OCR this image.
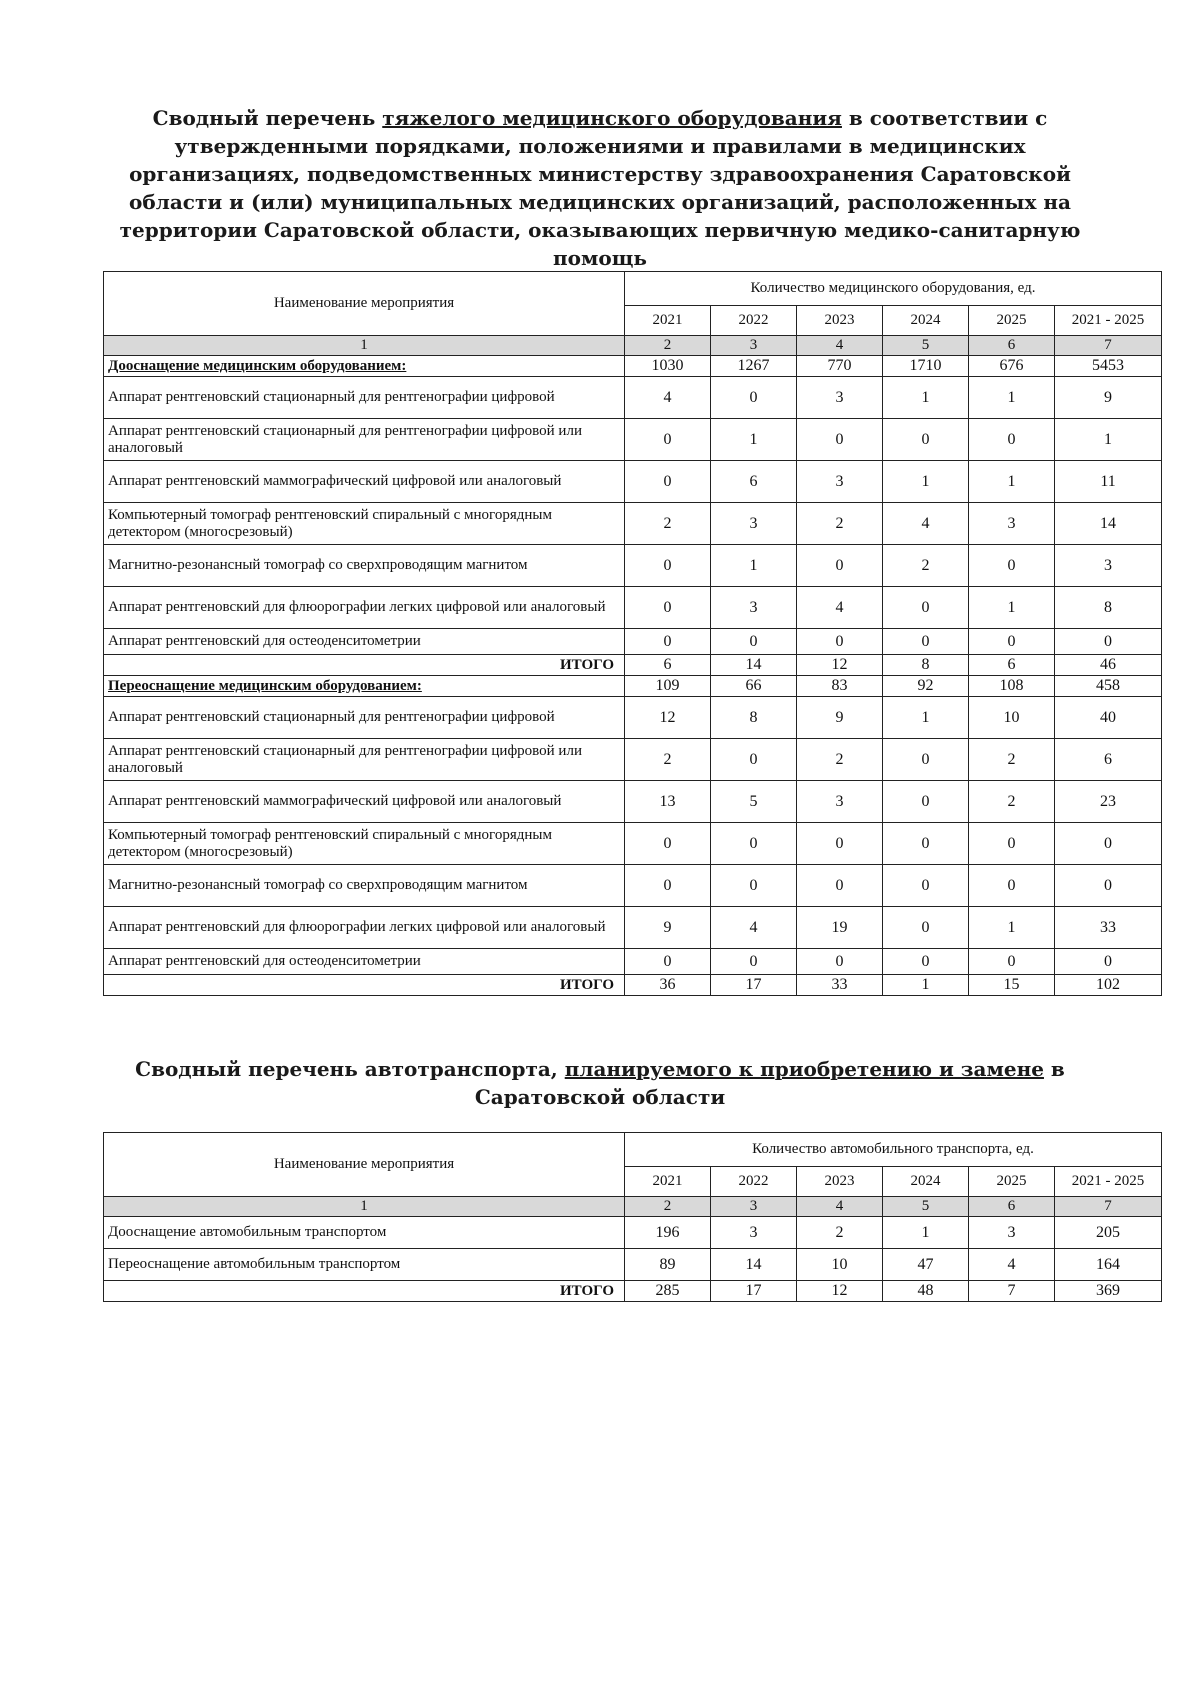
Сводный перечень тяжелого медицинского оборудования в соответствии с утвержденными порядками, положениями и правилами в медицинских организациях, подведомственных министерству здравоохранения Саратовской области и (или) муниципальных медицинских организаций, расположенных на территории Саратовской области, оказывающих первичную медико-санитарную помощь
Наименование мероприятия	Количество медицинского оборудования, ед.					
	2021	2022	2023	2024	2025	2021 - 2025
1	2	3	4	5	6	7
Дооснащение медицинским оборудованием:	1030	1267	770	1710	676	5453
Аппарат рентгеновский стационарный для рентгенографии цифровой	4	0	3	1	1	9
Аппарат рентгеновский стационарный для рентгенографии цифровой или аналоговый	0	1	0	0	0	1
Аппарат рентгеновский маммографический цифровой или аналоговый	0	6	3	1	1	11
Компьютерный томограф рентгеновский спиральный с многорядным детектором (многосрезовый)	2	3	2	4	3	14
Магнитно-резонансный томограф со сверхпроводящим магнитом	0	1	0	2	0	3
Аппарат рентгеновский для флюорографии легких цифровой или аналоговый	0	3	4	0	1	8
Аппарат рентгеновский для остеоденситометрии	0	0	0	0	0	0
ИТОГО	6	14	12	8	6	46
Переоснащение медицинским оборудованием:	109	66	83	92	108	458
Аппарат рентгеновский стационарный для рентгенографии цифровой	12	8	9	1	10	40
Аппарат рентгеновский стационарный для рентгенографии цифровой или аналоговый	2	0	2	0	2	6
Аппарат рентгеновский маммографический цифровой или аналоговый	13	5	3	0	2	23
Компьютерный томограф рентгеновский спиральный с многорядным детектором (многосрезовый)	0	0	0	0	0	0
Магнитно-резонансный томограф со сверхпроводящим магнитом	0	0	0	0	0	0
Аппарат рентгеновский для флюорографии легких цифровой или аналоговый	9	4	19	0	1	33
Аппарат рентгеновский для остеоденситометрии	0	0	0	0	0	0
ИТОГО	36	17	33	1	15	102
Сводный перечень автотранспорта, планируемого к приобретению и замене в Саратовской области
Наименование мероприятия	Количество автомобильного транспорта, ед.					
	2021	2022	2023	2024	2025	2021 - 2025
1	2	3	4	5	6	7
Дооснащение автомобильным транспортом	196	3	2	1	3	205
Переоснащение автомобильным транспортом	89	14	10	47	4	164
ИТОГО	285	17	12	48	7	369
